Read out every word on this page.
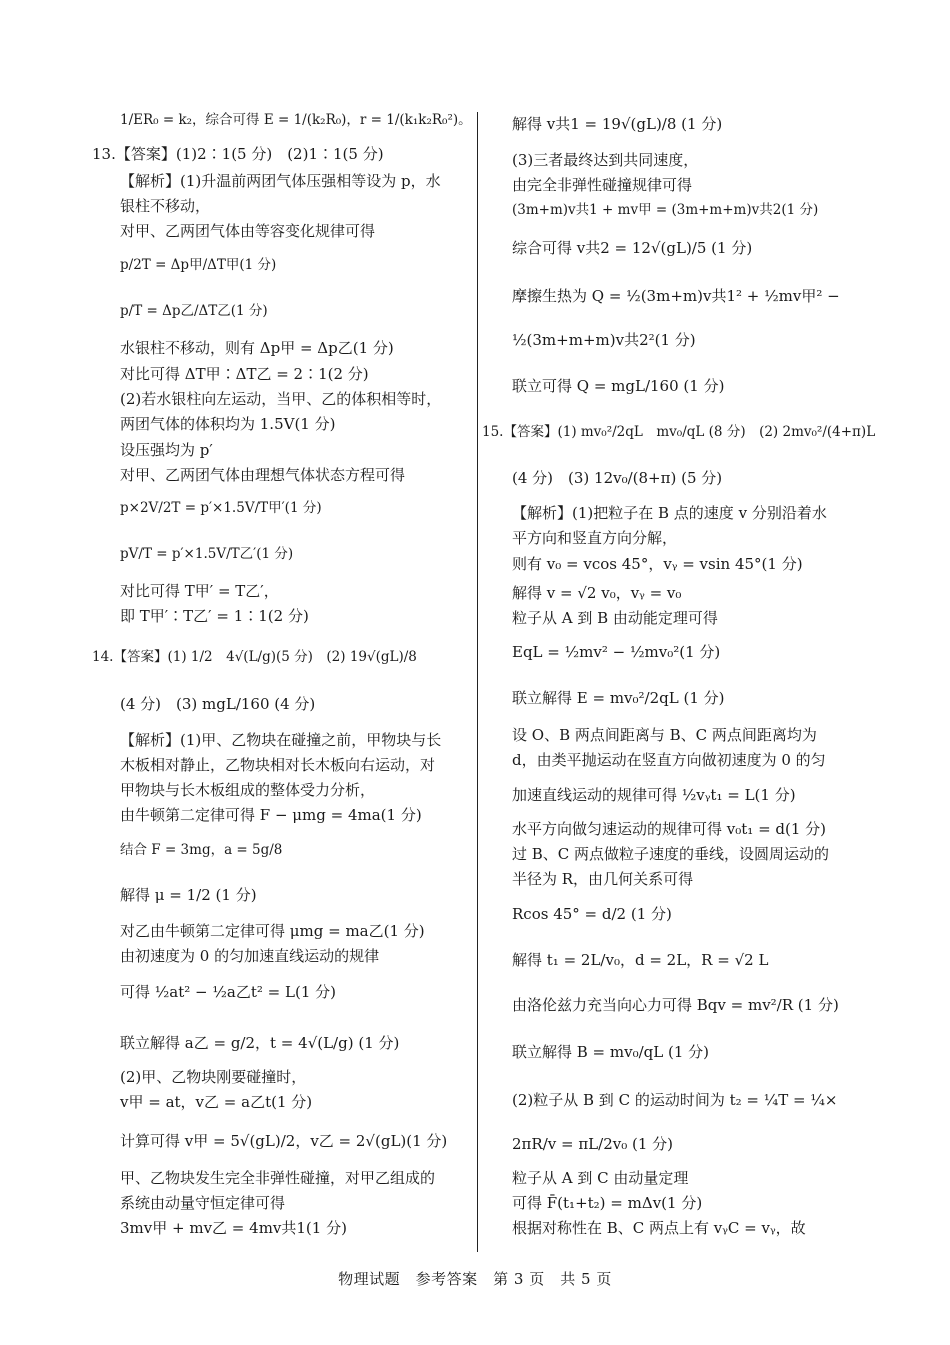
1/ER₀ = k₂，综合可得 E = 1/(k₂R₀)，r = 1/(k₁k₂R₀²)。
13.【答案】(1)2∶1(5 分)　(2)1∶1(5 分)
【解析】(1)升温前两团气体压强相等设为 p，水
银柱不移动，
对甲、乙两团气体由等容变化规律可得
p/2T = Δp甲/ΔT甲(1 分)
p/T = Δp乙/ΔT乙(1 分)
水银柱不移动，则有 Δp甲 = Δp乙(1 分)
对比可得 ΔT甲∶ΔT乙 = 2∶1(2 分)
(2)若水银柱向左运动，当甲、乙的体积相等时，
两团气体的体积均为 1.5V(1 分)
设压强均为 p′
对甲、乙两团气体由理想气体状态方程可得
p×2V/2T = p′×1.5V/T甲′(1 分)
pV/T = p′×1.5V/T乙′(1 分)
对比可得 T甲′ = T乙′，
即 T甲′∶T乙′ = 1∶1(2 分)
14.【答案】(1) 1/2　4√(L/g)(5 分)　(2) 19√(gL)/8
(4 分)　(3) mgL/160 (4 分)
【解析】(1)甲、乙物块在碰撞之前，甲物块与长
木板相对静止，乙物块相对长木板向右运动，对
甲物块与长木板组成的整体受力分析，
由牛顿第二定律可得 F − μmg = 4ma(1 分)
结合 F = 3mg，a = 5g/8
解得 μ = 1/2 (1 分)
对乙由牛顿第二定律可得 μmg = ma乙(1 分)
由初速度为 0 的匀加速直线运动的规律
可得 ½at² − ½a乙t² = L(1 分)
联立解得 a乙 = g/2，t = 4√(L/g) (1 分)
(2)甲、乙物块刚要碰撞时，
v甲 = at，v乙 = a乙t(1 分)
计算可得 v甲 = 5√(gL)/2，v乙 = 2√(gL)(1 分)
甲、乙物块发生完全非弹性碰撞，对甲乙组成的
系统由动量守恒定律可得
3mv甲 + mv乙 = 4mv共1(1 分)
解得 v共1 = 19√(gL)/8 (1 分)
(3)三者最终达到共同速度，
由完全非弹性碰撞规律可得
(3m+m)v共1 + mv甲 = (3m+m+m)v共2(1 分)
综合可得 v共2 = 12√(gL)/5 (1 分)
摩擦生热为 Q = ½(3m+m)v共1² + ½mv甲² −
½(3m+m+m)v共2²(1 分)
联立可得 Q = mgL/160 (1 分)
15.【答案】(1) mv₀²/2qL　mv₀/qL (8 分)　(2) 2mv₀²/(4+π)L
(4 分)　(3) 12v₀/(8+π) (5 分)
【解析】(1)把粒子在 B 点的速度 v 分别沿着水
平方向和竖直方向分解，
则有 v₀ = vcos 45°，vᵧ = vsin 45°(1 分)
解得 v = √2 v₀，vᵧ = v₀
粒子从 A 到 B 由动能定理可得
EqL = ½mv² − ½mv₀²(1 分)
联立解得 E = mv₀²/2qL (1 分)
设 O、B 两点间距离与 B、C 两点间距离均为
d，由类平抛运动在竖直方向做初速度为 0 的匀
加速直线运动的规律可得 ½vᵧt₁ = L(1 分)
水平方向做匀速运动的规律可得 v₀t₁ = d(1 分)
过 B、C 两点做粒子速度的垂线，设圆周运动的
半径为 R，由几何关系可得
Rcos 45° = d/2 (1 分)
解得 t₁ = 2L/v₀，d = 2L，R = √2 L
由洛伦兹力充当向心力可得 Bqv = mv²/R (1 分)
联立解得 B = mv₀/qL (1 分)
(2)粒子从 B 到 C 的运动时间为 t₂ = ¼T = ¼×
2πR/v = πL/2v₀ (1 分)
粒子从 A 到 C 由动量定理
可得 F̄(t₁+t₂) = mΔv(1 分)
根据对称性在 B、C 两点上有 vᵧC = vᵧ，故
物理试题　参考答案　第 3 页　共 5 页
